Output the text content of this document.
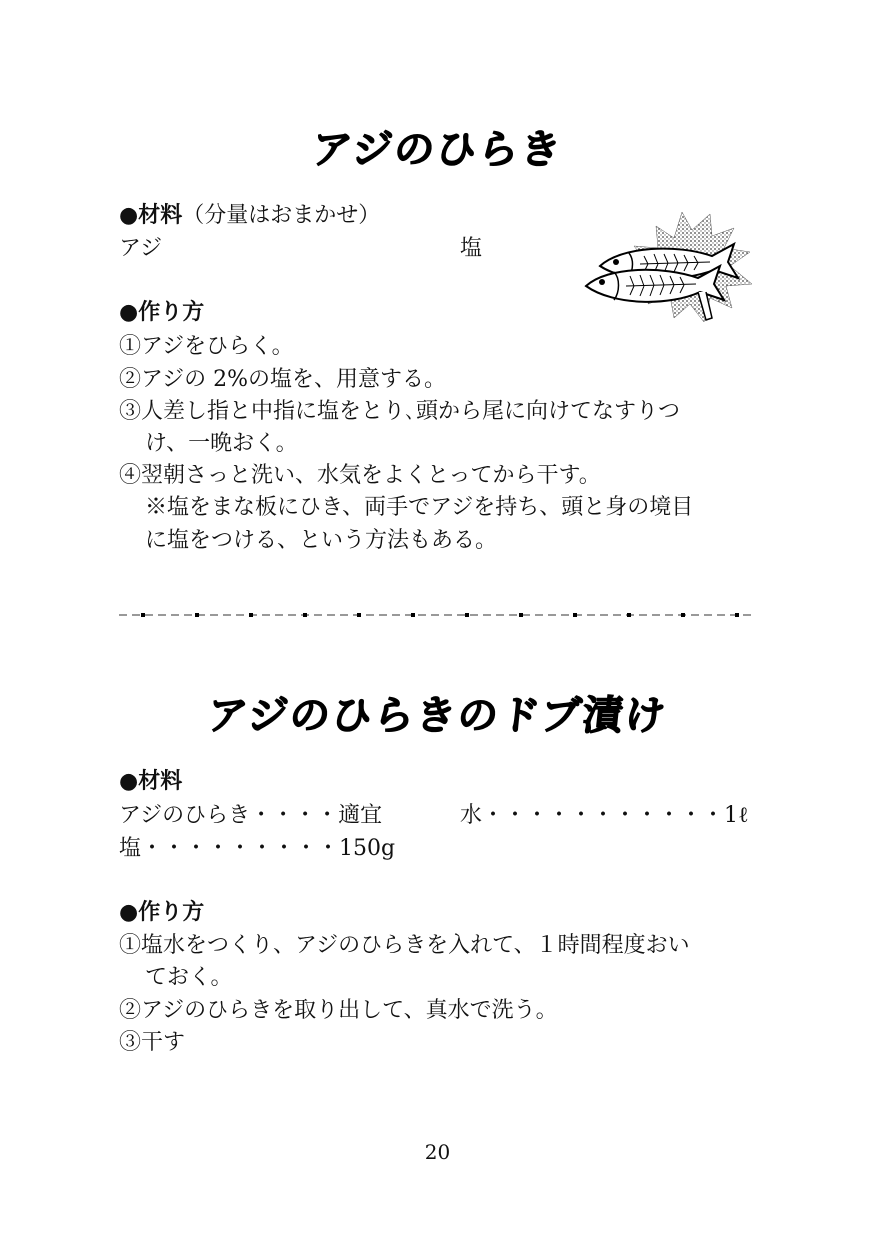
アジのひらき
●材料（分量はおまかせ）
アジ	塩
●作り方
①アジをひらく。
②アジの 2%の塩を、用意する。
③人差し指と中指に塩をとり､頭から尾に向けてなすりつ
け、一晩おく。
④翌朝さっと洗い、水気をよくとってから干す。
※塩をまな板にひき、両手でアジを持ち、頭と身の境目
に塩をつける、という方法もある。
アジのひらきのドブ漬け
●材料
アジのひらき・・・・適宜	水・・・・・・・・・・・1ℓ
塩・・・・・・・・・150g
●作り方
①塩水をつくり、アジのひらきを入れて、１時間程度おい
ておく。
②アジのひらきを取り出して、真水で洗う。
③干す
20
